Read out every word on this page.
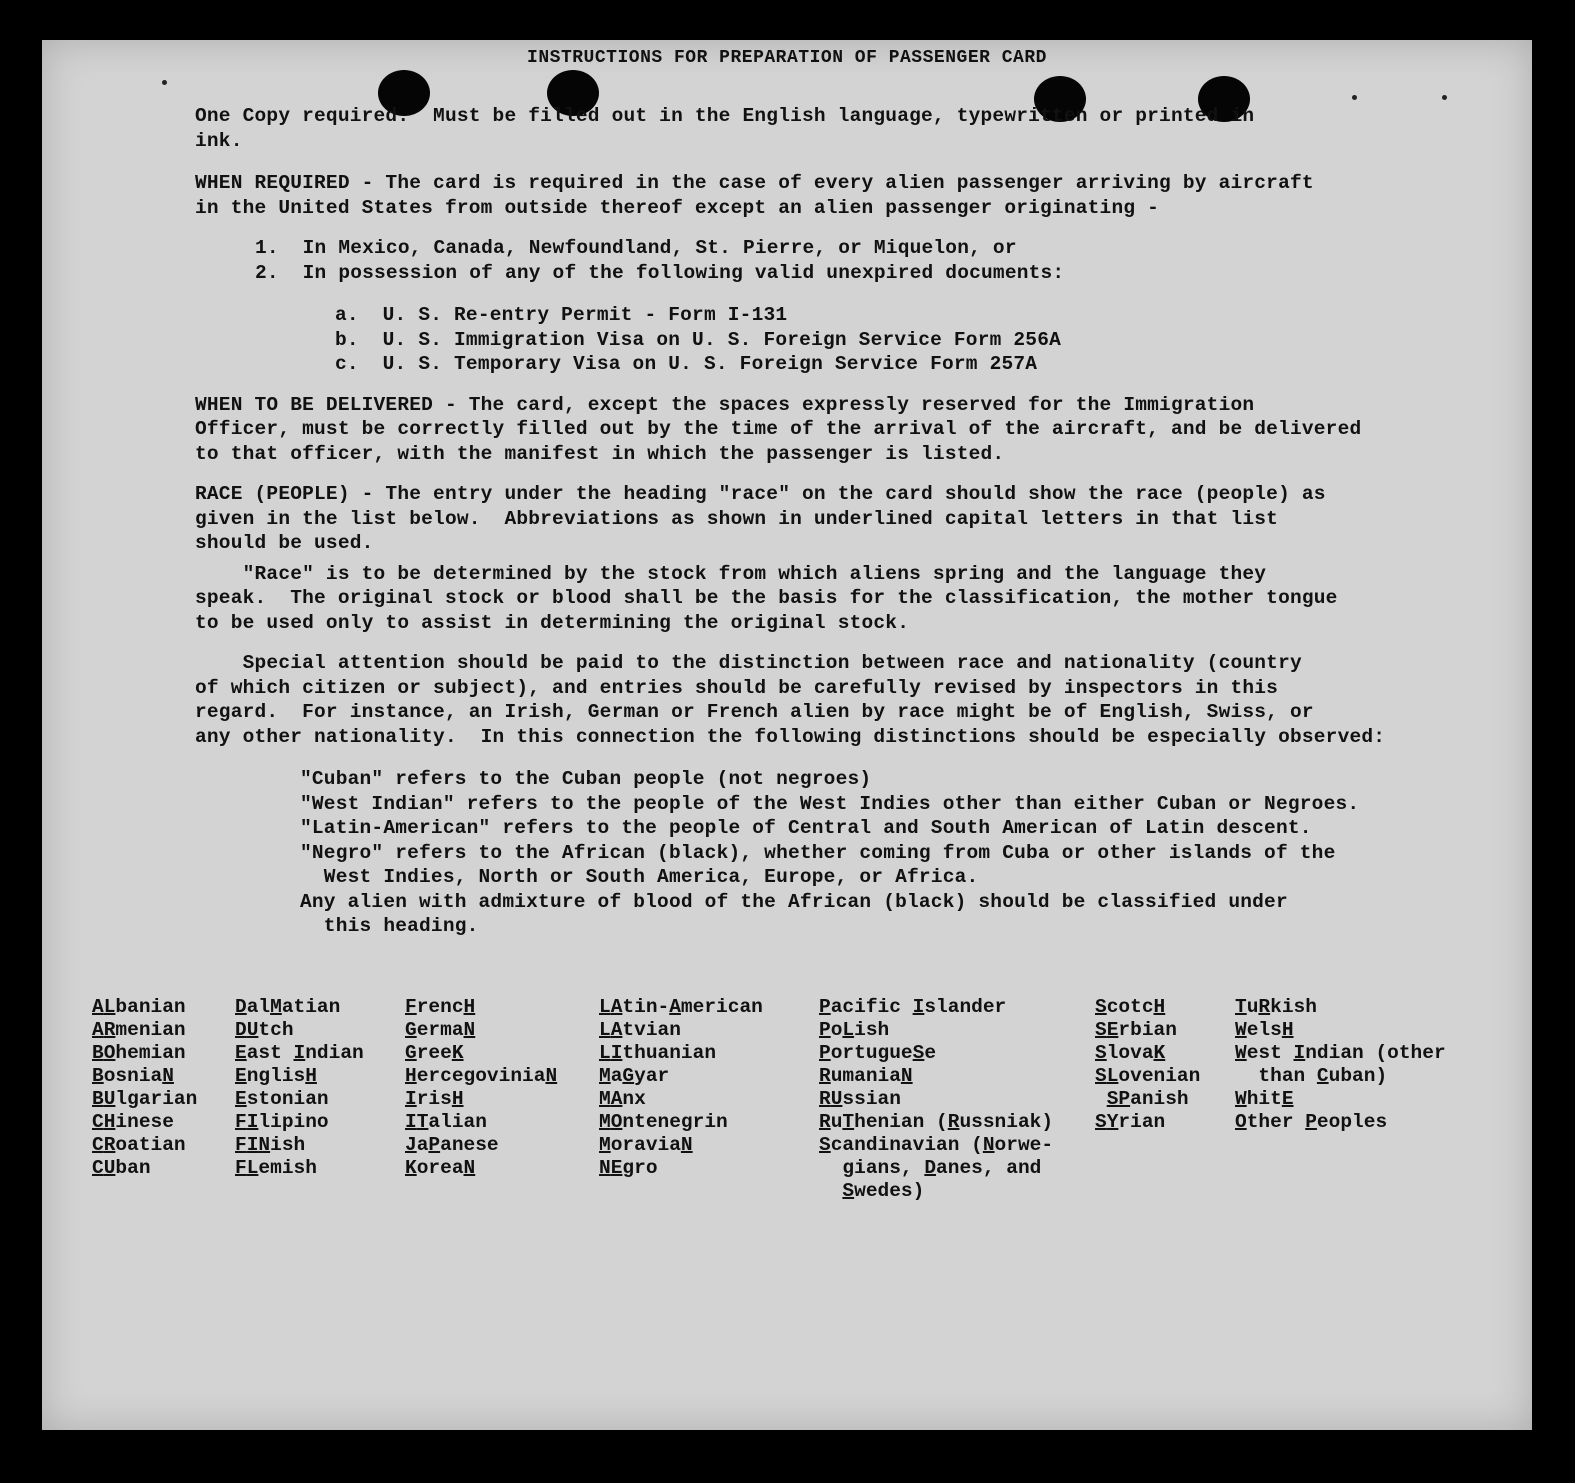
INSTRUCTIONS FOR PREPARATION OF PASSENGER CARD

One Copy required.  Must be filled out in the English language, typewritten or printed in

ink.

WHEN REQUIRED - The card is required in the case of every alien passenger arriving by aircraft

in the United States from outside thereof except an alien passenger originating -

1.  In Mexico, Canada, Newfoundland, St. Pierre, or Miquelon, or

2.  In possession of any of the following valid unexpired documents:

a.  U. S. Re-entry Permit - Form I-131

b.  U. S. Immigration Visa on U. S. Foreign Service Form 256A

c.  U. S. Temporary Visa on U. S. Foreign Service Form 257A

WHEN TO BE DELIVERED - The card, except the spaces expressly reserved for the Immigration

Officer, must be correctly filled out by the time of the arrival of the aircraft, and be delivered

to that officer, with the manifest in which the passenger is listed.

RACE (PEOPLE) - The entry under the heading "race" on the card should show the race (people) as

given in the list below.  Abbreviations as shown in underlined capital letters in that list

should be used.

"Race" is to be determined by the stock from which aliens spring and the language they

speak.  The original stock or blood shall be the basis for the classification, the mother tongue

to be used only to assist in determining the original stock.

Special attention should be paid to the distinction between race and nationality (country

of which citizen or subject), and entries should be carefully revised by inspectors in this

regard.  For instance, an Irish, German or French alien by race might be of English, Swiss, or

any other nationality.  In this connection the following distinctions should be especially observed:

"Cuban" refers to the Cuban people (not negroes)

"West Indian" refers to the people of the West Indies other than either Cuban or Negroes.

"Latin-American" refers to the people of Central and South American of Latin descent.

"Negro" refers to the African (black), whether coming from Cuba or other islands of the

West Indies, North or South America, Europe, or Africa.

Any alien with admixture of blood of the African (black) should be classified under

this heading.

ALbanian
ARmenian
BOhemian
BosniaN
BUlgarian
CHinese
CRoatian
CUban
DalMatian
DUtch
East Indian
EnglisH
Estonian
FIlipino
FINish
FLemish
FrencH
GermaN
GreeK
HercegoviniaN
IrisH
ITalian
JaPanese
KoreaN
LAtin-American
LAtvian
LIthuanian
MaGyar
MAnx
MOntenegrin
MoraviaN
NEgro
Pacific Islander
PoLish
PortugueSe
RumaniaN
RUssian
RuThenian (Russniak)
Scandinavian (Norwe-
gians, Danes, and
Swedes)
ScotcH
SErbian
SlovaK
SLovenian
SPanish
SYrian
TuRkish
WelsH
West Indian (other
than Cuban)
WhitE
Other Peoples
